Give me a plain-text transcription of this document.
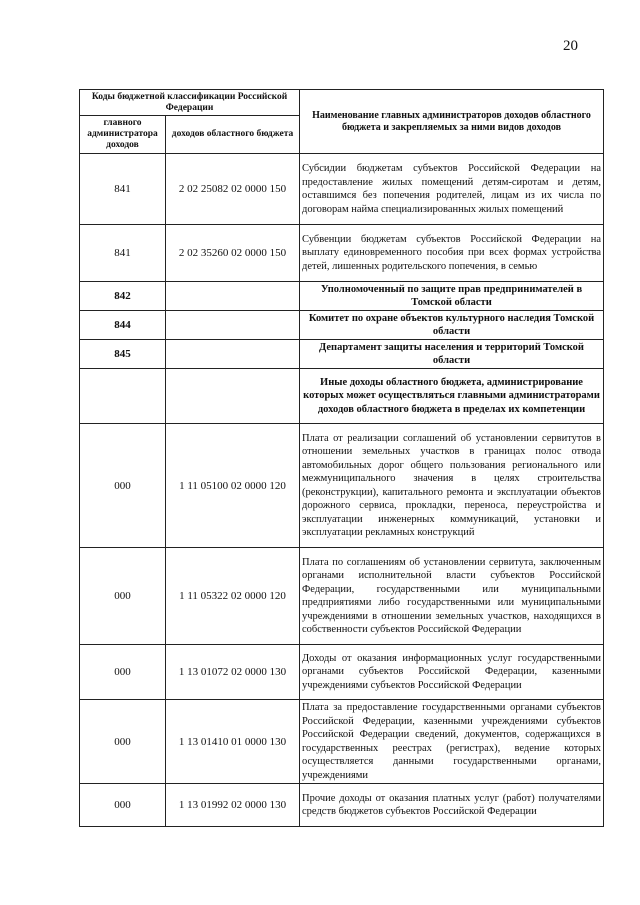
20
Коды бюджетной классификации Российской Федерации		Наименование главных администраторов доходов областного бюджета и закрепляемых за ними видов доходов
главного администратора доходов	доходов областного бюджета	
841	2 02 25082 02 0000 150	Субсидии бюджетам субъектов Российской Федерации на предоставление жилых помещений детям-сиротам и детям, оставшимся без попечения родителей, лицам из их числа по договорам найма специализированных жилых помещений
841	2 02 35260 02 0000 150	Субвенции бюджетам субъектов Российской Федерации на выплату единовременного пособия при всех формах устройства детей, лишенных родительского попечения, в семью
842		Уполномоченный по защите прав предпринимателей в Томской области
844		Комитет по охране объектов культурного наследия Томской области
845		Департамент защиты населения и территорий Томской области
		Иные доходы областного бюджета, администрирование которых может осуществляться главными администраторами доходов областного бюджета в пределах их компетенции
000	1 11 05100 02 0000 120	Плата от реализации соглашений об установлении сервитутов в отношении земельных участков в границах полос отвода автомобильных дорог общего пользования регионального или межмуниципального значения в целях строительства (реконструкции), капитального ремонта и эксплуатации объектов дорожного сервиса, прокладки, переноса, переустройства и эксплуатации инженерных коммуникаций, установки и эксплуатации рекламных конструкций
000	1 11 05322 02 0000 120	Плата по соглашениям об установлении сервитута, заключенным органами исполнительной власти субъектов Российской Федерации, государственными или муниципальными предприятиями либо государственными или муниципальными учреждениями в отношении земельных участков, находящихся в собственности субъектов Российской Федерации
000	1 13 01072 02 0000 130	Доходы от оказания информационных услуг государственными органами субъектов Российской Федерации, казенными учреждениями субъектов Российской Федерации
000	1 13 01410 01 0000 130	Плата за предоставление государственными органами субъектов Российской Федерации, казенными учреждениями субъектов Российской Федерации сведений, документов, содержащихся в государственных реестрах (регистрах), ведение которых осуществляется данными государственными органами, учреждениями
000	1 13 01992 02 0000 130	Прочие доходы от оказания платных услуг (работ) получателями средств бюджетов субъектов Российской Федерации
